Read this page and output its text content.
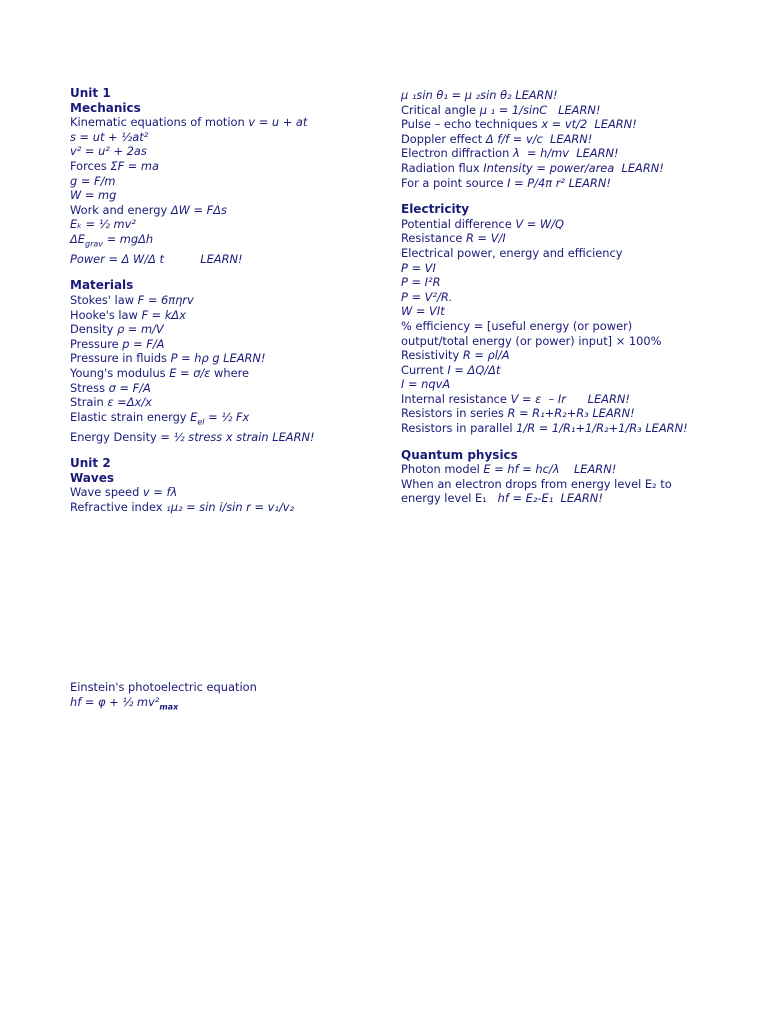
Unit 1
Mechanics
Kinematic equations of motion v = u + at
s = ut + ½at²
v² = u² + 2as
Forces ΣF = ma
g = F/m
W = mg
Work and energy ΔW = FΔs
Eₖ = ½ mv²
$\Delta E_{grav} = mg\Delta h$
Power = Δ W/Δ t          LEARN!
Materials
Stokes' law F = 6πηrv
Hooke's law F = kΔx
Density ρ = m/V
Pressure p = F/A
Pressure in fluids P = hρ g LEARN!
Young's modulus E = σ/ε where
Stress σ = F/A
Strain ε =Δx/x
Elastic strain energy $E_{el}$ = ½ Fx
Energy Density = ½ stress x strain LEARN!
Unit 2
Waves
Wave speed v = fλ
Refractive index ₁μ₂ = sin i/sin r = v₁/v₂
μ ₁sin θ₁ = μ ₂sin θ₂ LEARN!
Critical angle μ ₁ = 1/sinC   LEARN!
Pulse – echo techniques x = vt/2  LEARN!
Doppler effect Δ f/f = v/c  LEARN!
Electron diffraction λ  = h/mv  LEARN!
Radiation flux Intensity = power/area  LEARN!
For a point source I = P/4π r² LEARN!
Electricity
Potential difference V = W/Q
Resistance R = V/I
Electrical power, energy and efficiency
P = VI
P = I²R
P = V²/R.
W = VIt
% efficiency = [useful energy (or power)
output/total energy (or power) input] × 100%
Resistivity R = ρl/A
Current I = ΔQ/Δt
I = nqvA
Internal resistance V = ε  – Ir      LEARN!
Resistors in series R = R₁+R₂+R₃ LEARN!
Resistors in parallel 1/R = 1/R₁+1/R₂+1/R₃ LEARN!
Quantum physics
Photon model E = hf = hc/λ    LEARN!
When an electron drops from energy level E₂ to
energy level E₁   hf = E₂-E₁  LEARN!
Einstein's photoelectric equation
hf = φ + ½ $mv^2_{max}$
